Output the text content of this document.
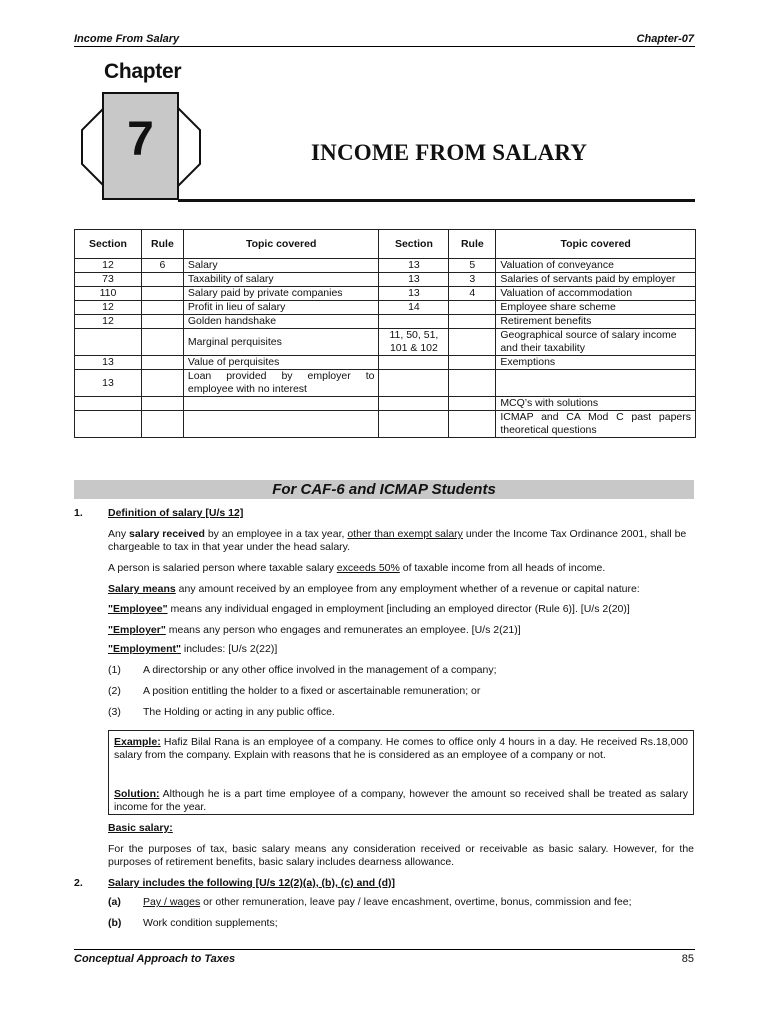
Income From Salary	Chapter-07
Chapter
7	INCOME FROM SALARY
Section	Rule	Topic covered	Section	Rule	Topic covered
12	6	Salary	13	5	Valuation of conveyance
73		Taxability of salary	13	3	Salaries of servants paid by employer
110		Salary paid by private companies	13	4	Valuation of accommodation
12		Profit in lieu of salary	14		Employee share scheme
12		Golden handshake			Retirement benefits
		Marginal perquisites	11, 50, 51, 101 & 102		Geographical source of salary income and their taxability
13		Value of perquisites			Exemptions
13		Loan provided by employer to employee with no interest			
					MCQ’s with solutions
					ICMAP and CA Mod C past papers theoretical questions
For CAF-6 and ICMAP Students
1. Definition of salary [U/s 12]
Any salary received by an employee in a tax year, other than exempt salary under the Income Tax Ordinance 2001, shall be chargeable to tax in that year under the head salary.
A person is salaried person where taxable salary exceeds 50% of taxable income from all heads of income.
Salary means any amount received by an employee from any employment whether of a revenue or capital nature:
"Employee" means any individual engaged in employment [including an employed director (Rule 6)]. [U/s 2(20)]
"Employer" means any person who engages and remunerates an employee. [U/s 2(21)]
"Employment" includes: [U/s 2(22)]
(1) A directorship or any other office involved in the management of a company;
(2) A position entitling the holder to a fixed or ascertainable remuneration; or
(3) The Holding or acting in any public office.
Example: Hafiz Bilal Rana is an employee of a company. He comes to office only 4 hours in a day. He received Rs.18,000 salary from the company. Explain with reasons that he is considered as an employee of a company or not.
Solution: Although he is a part time employee of a company, however the amount so received shall be treated as salary income for the year.
Basic salary:
For the purposes of tax, basic salary means any consideration received or receivable as basic salary. However, for the purposes of retirement benefits, basic salary includes dearness allowance.
2. Salary includes the following [U/s 12(2)(a), (b), (c) and (d)]
(a) Pay / wages or other remuneration, leave pay / leave encashment, overtime, bonus, commission and fee;
(b) Work condition supplements;
Conceptual Approach to Taxes	85
